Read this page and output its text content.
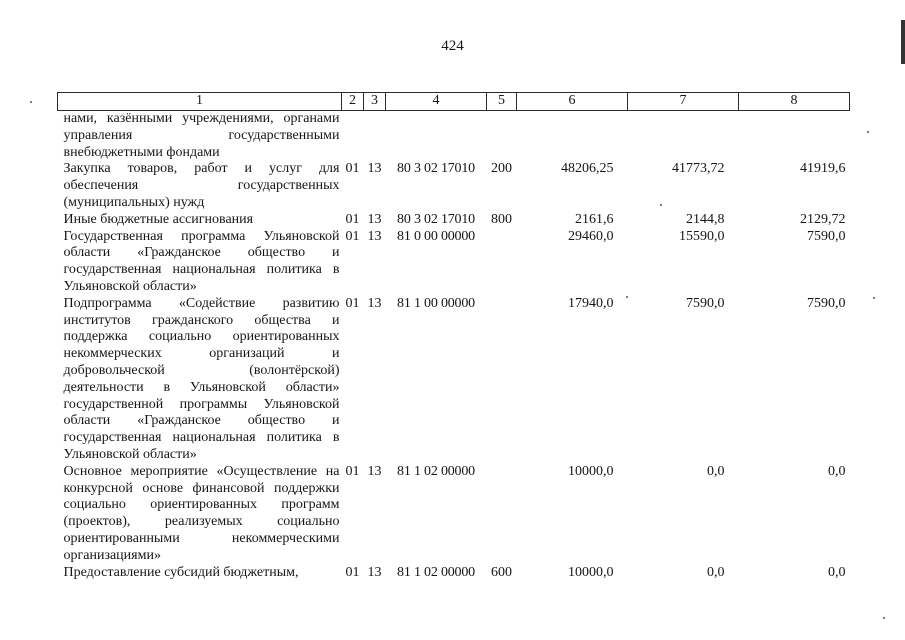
424
1	2	3	4	5	6	7	8
нами, казёнными учреждениями, органами управления государственными внебюджетными фондами							
Закупка товаров, работ и услуг для обеспечения государственных (муниципальных) нужд	01	13	80 3 02 17010	200	48206,25	41773,72	41919,6
Иные бюджетные ассигнования	01	13	80 3 02 17010	800	2161,6	2144,8	2129,72
Государственная программа Ульяновской области «Гражданское общество и государственная национальная политика в Ульяновской области»	01	13	81 0 00 00000		29460,0	15590,0	7590,0
Подпрограмма «Содействие развитию институтов гражданского общества и поддержка социально ориентированных некоммерческих организаций и добровольческой (волонтёрской) деятельности в Ульяновской области» государственной программы Ульяновской области «Гражданское общество и государственная национальная политика в Ульяновской области»	01	13	81 1 00 00000		17940,0	7590,0	7590,0
Основное мероприятие «Осуществление на конкурсной основе финансовой поддержки социально ориентированных программ (проектов), реализуемых социально ориентированными некоммерческими организациями»	01	13	81 1 02 00000		10000,0	0,0	0,0
Предоставление субсидий бюджетным,	01	13	81 1 02 00000	600	10000,0	0,0	0,0
